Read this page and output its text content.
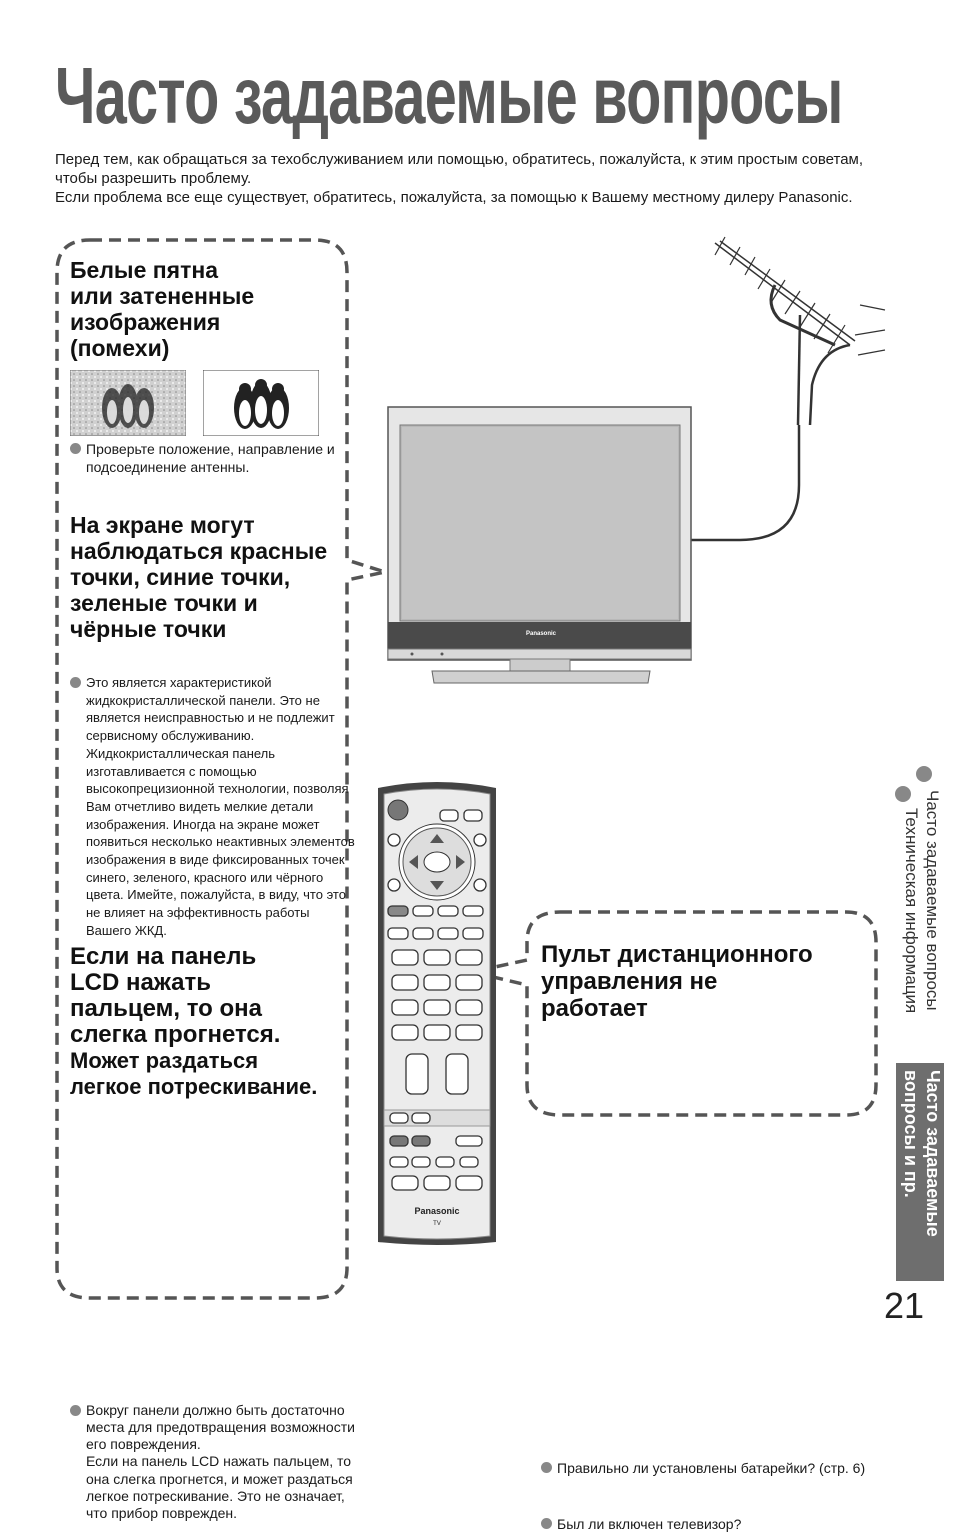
Часто задаваемые вопросы

Перед тем, как обращаться за техобслуживанием или помощью, обратитесь, пожалуйста, к этим простым советам, чтобы разрешить проблему.

Если проблема все еще существует, обратитесь, пожалуйста, за помощью к Вашему местному дилеру Panasonic.

Белые пятна
или затененные
изображения
(помехи)
Проверьте положение, направление и подсоединение антенны.
На экране могут
наблюдаться красные
точки, синие точки,
зеленые точки и
чёрные точки
Это является характеристикой жидкокристаллической панели. Это не является неисправностью и не подлежит сервисному обслуживанию. Жидкокристаллическая панель изготавливается с помощью высокопрецизионной технологии, позволяя Вам отчетливо видеть мелкие детали изображения. Иногда на экране может появиться несколько неактивных элементов изображения в виде фиксированных точек синего, зеленого, красного или чёрного цвета. Имейте, пожалуйста, в виду, что это не влияет на эффективность работы Вашего ЖКД.
Если на панель
LCD нажать
пальцем, то она
слегка прогнется.
Может раздаться
легкое потрескивание.
Вокруг панели должно быть достаточно места для предотвращения возможности его повреждения.
Если на панель LCD нажать пальцем, то она слегка прогнется, и может раздаться легкое потрескивание. Это не означает, что прибор поврежден.
Panasonic
Panasonic
TV
Пульт дистанционного
управления не
работает
Правильно ли установлены батарейки? (стр. 6)
Был ли включен телевизор?
Часто задаваемые вопросы
Техническая информация
Часто задаваемые
вопросы и пр.
21
